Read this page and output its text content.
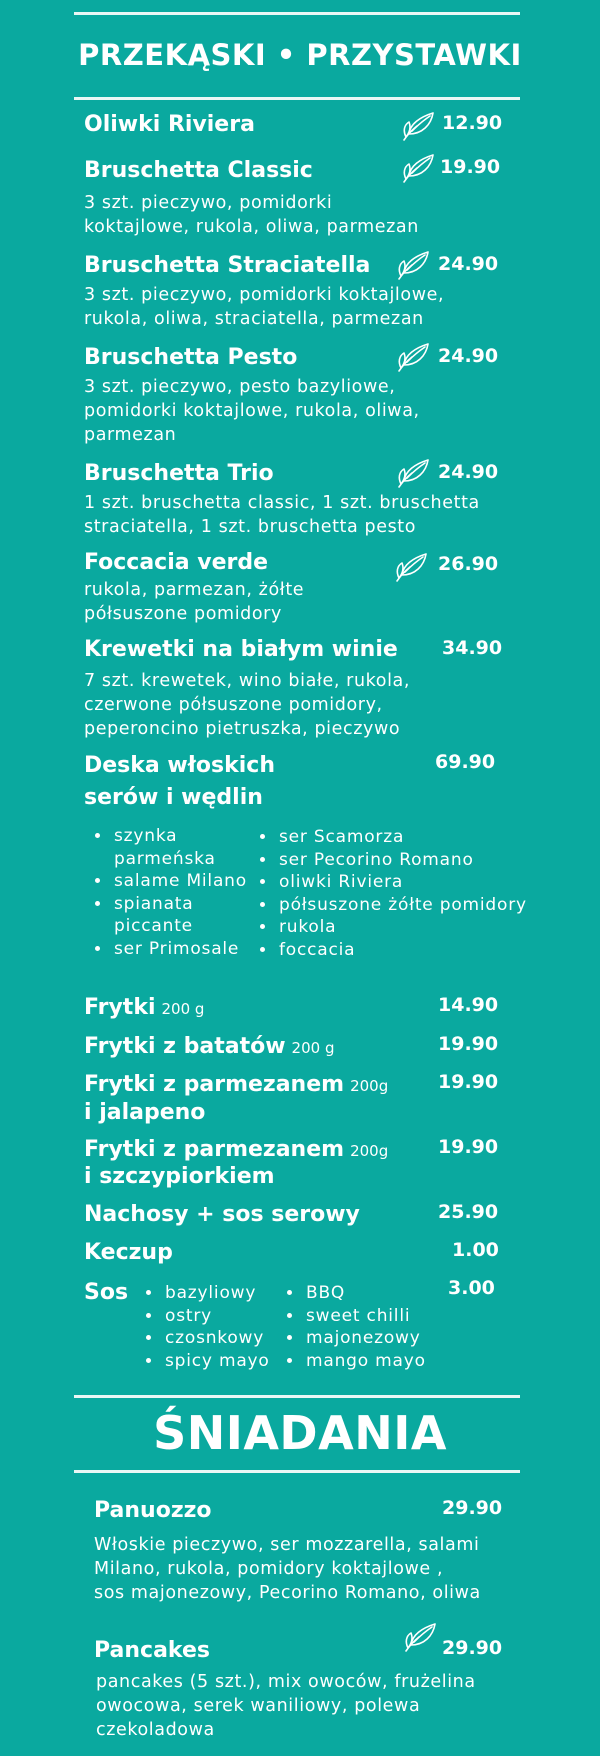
PRZEKĄSKI • PRZYSTAWKI
Oliwki Riviera	12.90
Bruschetta Classic	19.90
3 szt. pieczywo, pomidorki
koktajlowe, rukola, oliwa, parmezan
Bruschetta Straciatella	24.90
3 szt. pieczywo, pomidorki koktajlowe,
rukola, oliwa, straciatella, parmezan
Bruschetta Pesto	24.90
3 szt. pieczywo, pesto bazyliowe,
pomidorki koktajlowe, rukola, oliwa,
parmezan
Bruschetta Trio	24.90
1 szt. bruschetta classic, 1 szt. bruschetta
straciatella, 1 szt. bruschetta pesto
Foccacia verde	26.90
rukola, parmezan, żółte
półsuszone pomidory
Krewetki na białym winie 34.90
7 szt. krewetek, wino białe, rukola,
czerwone półsuszone pomidory,
peperoncino pietruszka, pieczywo
Deska włoskich
serów i wędlin
69.90
• szynka parmeńska
• salame Milano
• spianata piccante
• ser Primosale
• ser Scamorza
• ser Pecorino Romano
• oliwki Riviera
• półsuszone żółte pomidory
• rukola
• foccacia
Frytki 200 g	14.90
Frytki z batatów 200 g	19.90
Frytki z parmezanem 200g
i jalapeno
19.90
Frytki z parmezanem 200g
i szczypiorkiem
19.90
Nachosy + sos serowy	25.90
Keczup	1.00
Sos	3.00
• bazyliowy
• ostry
• czosnkowy
• spicy mayo
• BBQ
• sweet chilli
• majonezowy
• mango mayo
ŚNIADANIA
Panuozzo	29.90
Włoskie pieczywo, ser mozzarella, salami
Milano, rukola, pomidory koktajlowe ,
sos majonezowy, Pecorino Romano, oliwa
Pancakes	29.90
pancakes (5 szt.), mix owoców, frużelina
owocowa, serek waniliowy, polewa
czekoladowa
